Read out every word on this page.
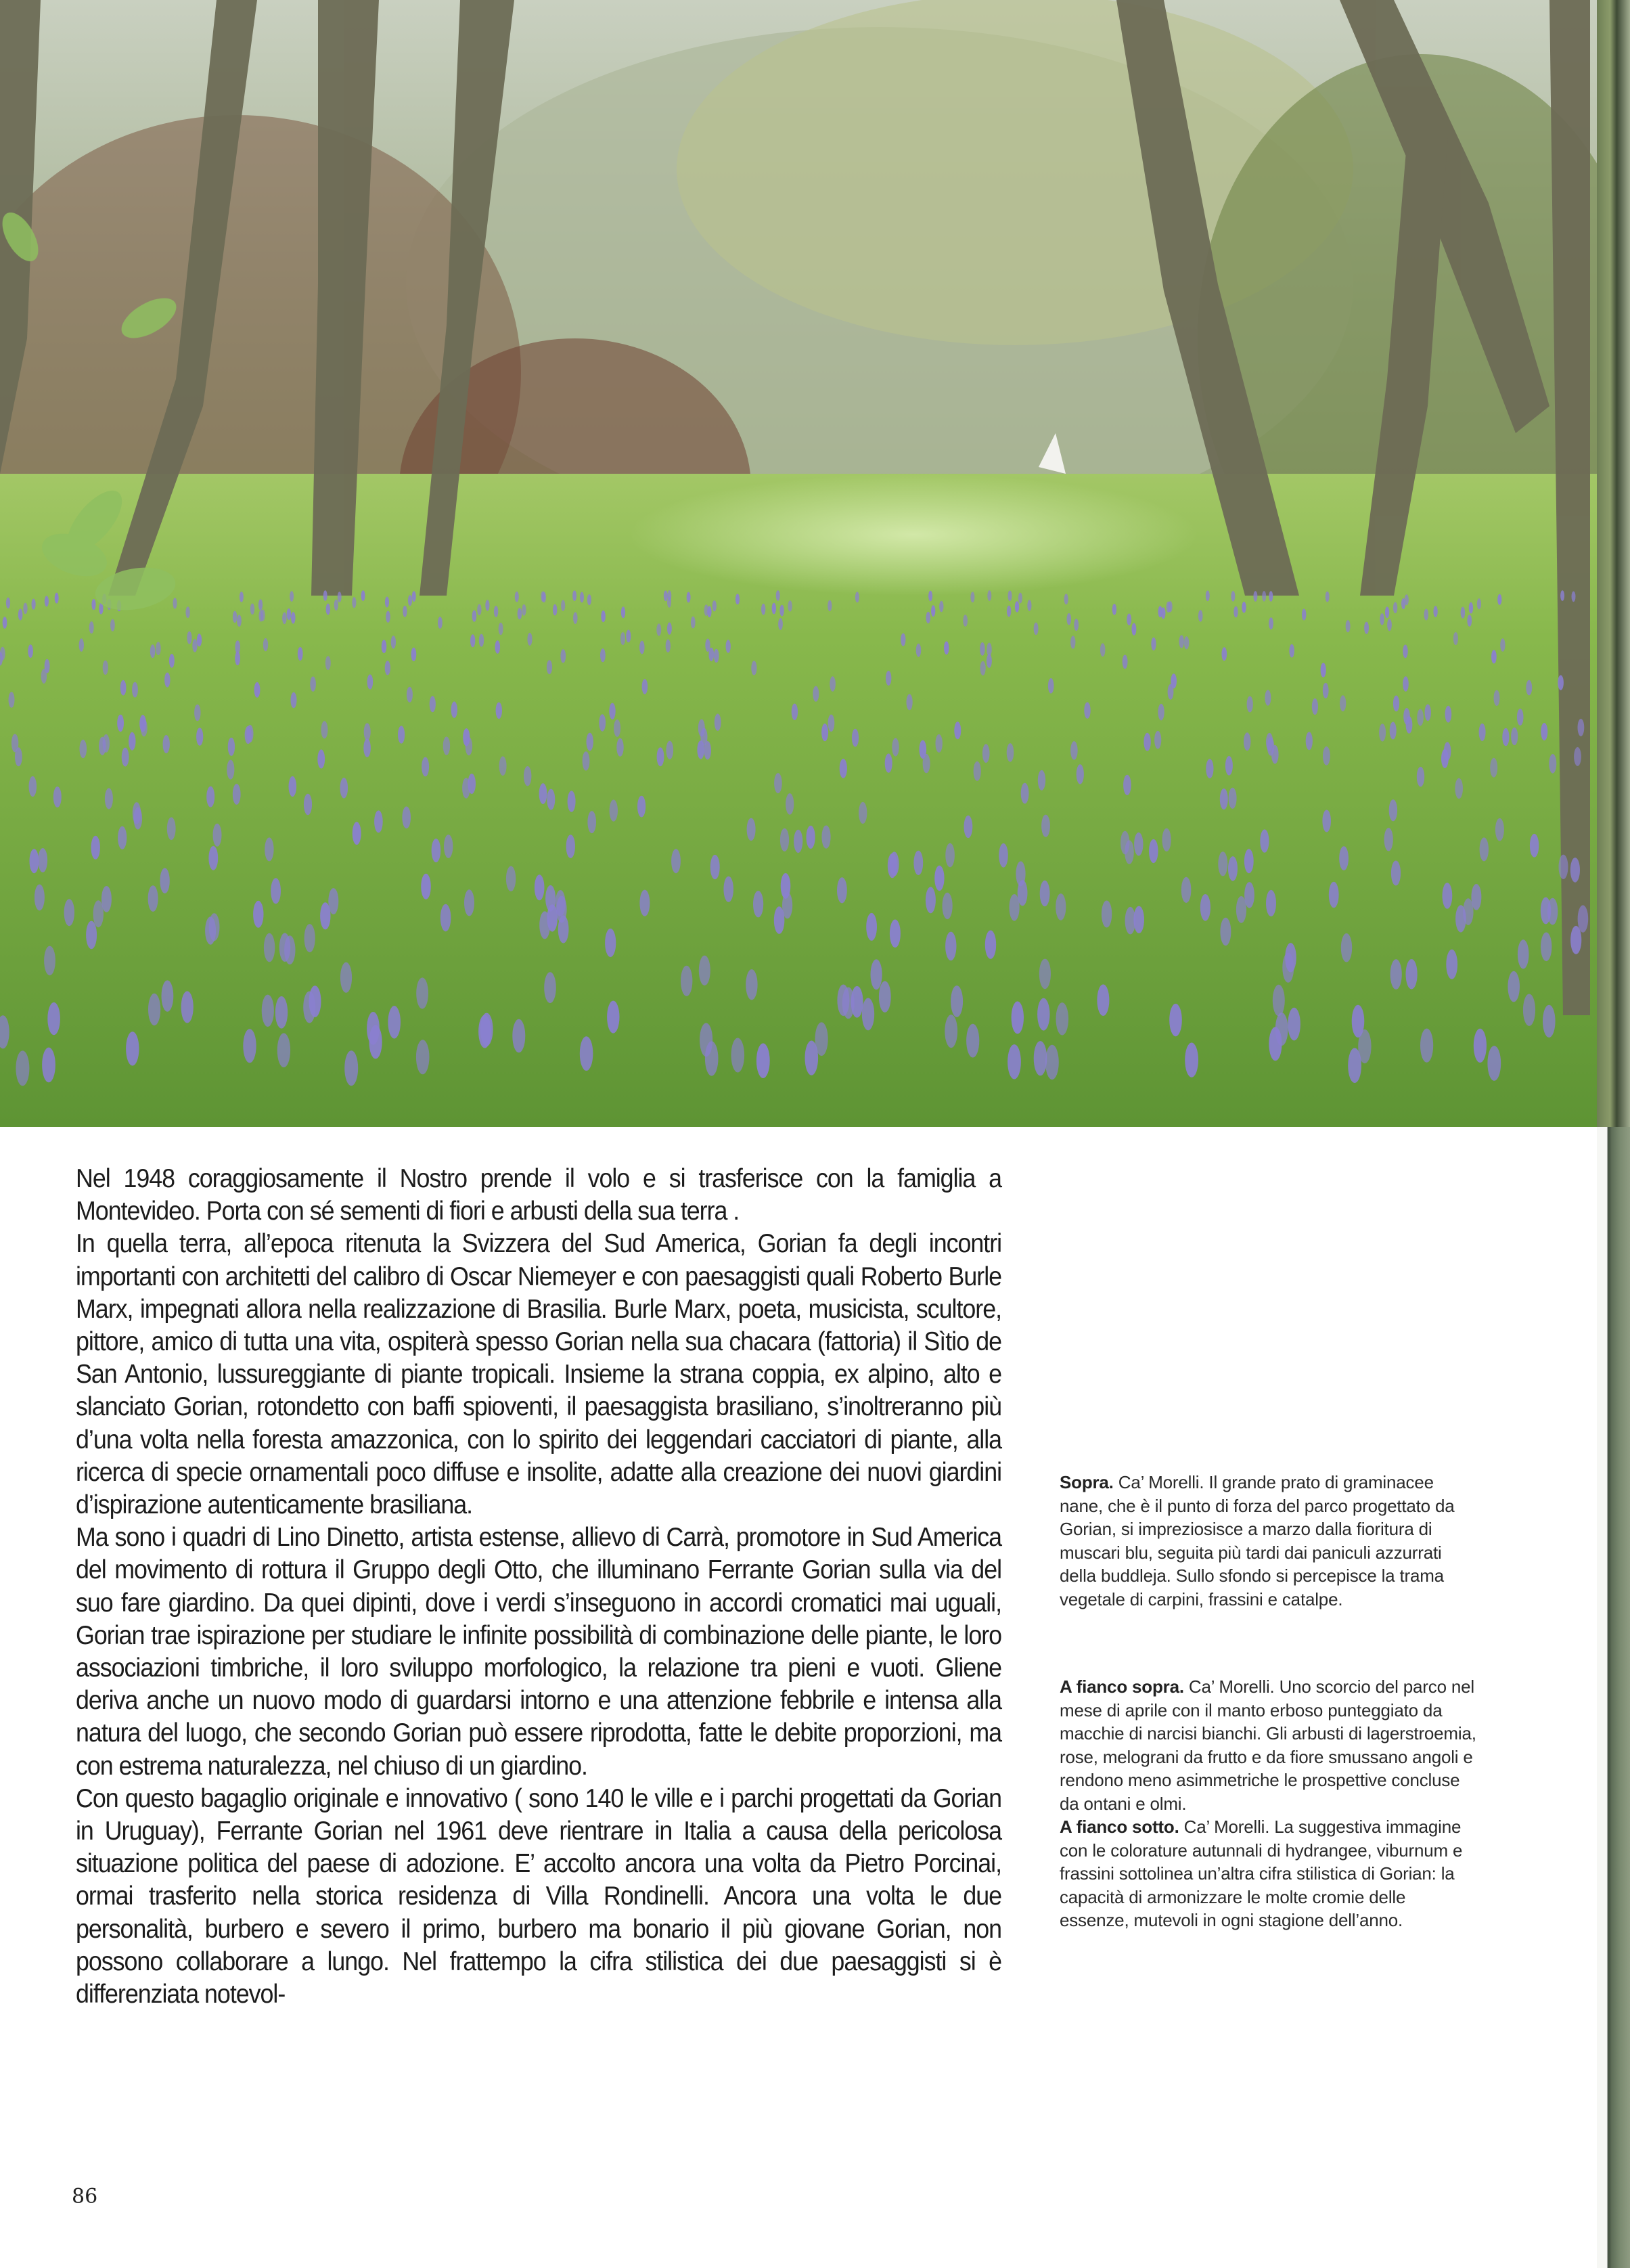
Nel 1948 coraggiosamente il Nostro prende il volo e si trasferisce con la famiglia a Montevideo. Porta con sé sementi di fiori e arbusti della sua terra .

In quella terra, all’epoca ritenuta la Svizzera del Sud America, Gorian fa degli incontri importanti con architetti del calibro di Oscar Niemeyer e con paesaggisti quali Roberto Burle Marx, impegnati allora nella realizzazione di Brasilia. Burle Marx, poeta, musicista, scultore, pittore, amico di tutta una vita, ospiterà spesso Gorian nella sua chacara (fattoria) il Sìtio de San Antonio, lussureggiante di piante tropicali. Insieme la strana coppia, ex alpino, alto e slanciato Gorian, rotondetto con baffi spioventi, il paesaggista brasiliano, s’inoltreranno più d’una volta nella foresta amazzonica, con lo spirito dei leggendari cacciatori di piante, alla ricerca di specie ornamentali poco diffuse e insolite, adatte alla creazione dei nuovi giardini d’ispirazione autenticamente brasiliana.

Ma sono i quadri di Lino Dinetto, artista estense, allievo di Carrà, promotore in Sud America del movimento di rottura il Gruppo degli Otto, che illuminano Ferrante Gorian sulla via del suo fare giardino. Da quei dipinti, dove i verdi s’inseguono in accordi cromatici mai uguali, Gorian trae ispirazione per studiare le infinite possibilità di combinazione delle piante, le loro associazioni timbriche, il loro sviluppo morfologico, la relazione tra pieni e vuoti. Gliene deriva anche un nuovo modo di guardarsi intorno e una attenzione febbrile e intensa alla natura del luogo, che secondo Gorian può essere riprodotta, fatte le debite proporzioni, ma con estrema naturalezza, nel chiuso di un giardino.

Con questo bagaglio originale e innovativo ( sono 140 le ville e i parchi progettati da Gorian in Uruguay), Ferrante Gorian nel 1961 deve rientrare in Italia a causa della pericolosa situazione politica del paese di adozione. E’ accolto ancora una volta da Pietro Porcinai, ormai trasferito nella storica residenza di Villa Rondinelli. Ancora una volta le due personalità, burbero e severo il primo, burbero ma bonario il più giovane Gorian, non possono collaborare a lungo. Nel frattempo la cifra stilistica dei due paesaggisti si è differenziata notevol-

Sopra. Ca’ Morelli. Il grande prato di graminacee nane, che è il punto di forza del parco progettato da Gorian, si impreziosisce a marzo dalla fioritura di muscari blu, seguita più tardi dai paniculi azzurrati della buddleja. Sullo sfondo si percepisce la trama vegetale di carpini, frassini e catalpe.

A fianco sopra. Ca’ Morelli. Uno scorcio del parco nel mese di aprile con il manto erboso punteggiato da macchie di narcisi bianchi. Gli arbusti di lagerstroemia, rose, melograni da frutto e da fiore smussano angoli e rendono meno asimmetriche le prospettive concluse da ontani e olmi.

A fianco sotto. Ca’ Morelli. La suggestiva immagine con le colorature autunnali di hydrangee, viburnum e frassini sottolinea un’altra cifra stilistica di Gorian: la capacità di armonizzare le molte cromie delle essenze, mutevoli in ogni stagione dell’anno.

86
